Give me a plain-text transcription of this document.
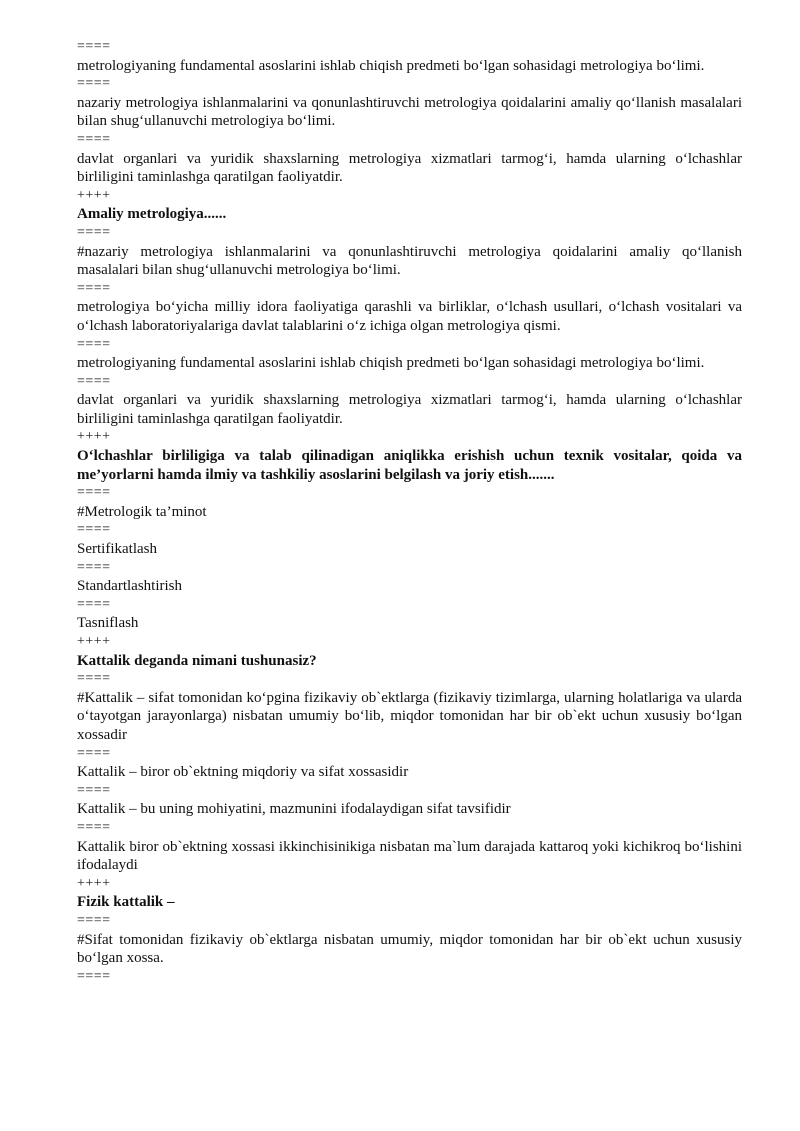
====
metrologiyaning fundamental asoslarini ishlab chiqish predmeti boʻlgan sohasidagi metrologiya boʻlimi.
====
nazariy metrologiya ishlanmalarini va qonunlashtiruvchi metrologiya qoidalarini amaliy qoʻllanish masalalari bilan shugʻullanuvchi metrologiya boʻlimi.
====
davlat organlari va yuridik shaxslarning metrologiya xizmatlari tarmogʻi, hamda ularning oʻlchashlar birliligini taminlashga qaratilgan faoliyatdir.
++++
Amaliy metrologiya......
====
#nazariy metrologiya ishlanmalarini va qonunlashtiruvchi metrologiya qoidalarini amaliy qoʻllanish masalalari bilan shugʻullanuvchi metrologiya boʻlimi.
====
metrologiya boʻyicha milliy idora faoliyatiga qarashli va birliklar, oʻlchash usullari, oʻlchash vositalari va oʻlchash laboratoriyalariga davlat talablarini oʻz ichiga olgan metrologiya qismi.
====
metrologiyaning fundamental asoslarini ishlab chiqish predmeti boʻlgan sohasidagi metrologiya boʻlimi.
====
davlat organlari va yuridik shaxslarning metrologiya xizmatlari tarmogʻi, hamda ularning oʻlchashlar birliligini taminlashga qaratilgan faoliyatdir.
++++
Oʻlchashlar birliligiga va talab qilinadigan aniqlikka erishish uchun texnik vositalar, qoida va me’yorlarni hamda ilmiy va tashkiliy asoslarini belgilash va joriy etish.......
====
#Metrologik ta’minot
====
Sertifikatlash
====
Standartlashtirish
====
Tasniflash
++++
Kattalik deganda nimani tushunasiz?
====
#Kattalik – sifat tomonidan koʻpgina fizikaviy ob`ektlarga (fizikaviy tizimlarga, ularning holatlariga va ularda oʻtayotgan jarayonlarga) nisbatan umumiy boʻlib, miqdor tomonidan har bir ob`ekt uchun xususiy boʻlgan xossadir
====
Kattalik – biror ob`ektning miqdoriy va sifat xossasidir
====
Kattalik – bu uning mohiyatini, mazmunini ifodalaydigan sifat tavsifidir
====
Kattalik biror ob`ektning xossasi ikkinchisinikiga nisbatan ma`lum darajada kattaroq yoki kichikroq boʻlishini ifodalaydi
++++
Fizik kattalik –
====
#Sifat tomonidan fizikaviy ob`ektlarga nisbatan umumiy, miqdor tomonidan har bir ob`ekt uchun xususiy boʻlgan xossa.
====
